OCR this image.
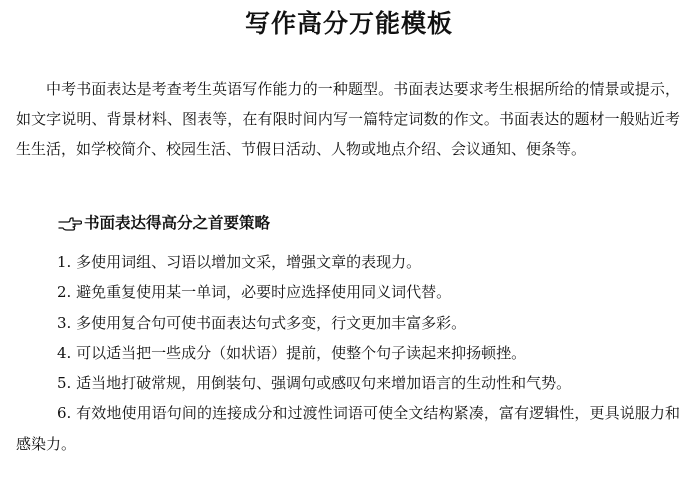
写作高分万能模板

中考书面表达是考查考生英语写作能力的一种题型。书面表达要求考生根据所给的情景或提示，如文字说明、背景材料、图表等，在有限时间内写一篇特定词数的作文。书面表达的题材一般贴近考生生活，如学校简介、校园生活、节假日活动、人物或地点介绍、会议通知、便条等。

书面表达得高分之首要策略
1. 多使用词组、习语以增加文采，增强文章的表现力。
2. 避免重复使用某一单词，必要时应选择使用同义词代替。
3. 多使用复合句可使书面表达句式多变，行文更加丰富多彩。
4. 可以适当把一些成分（如状语）提前，使整个句子读起来抑扬顿挫。
5. 适当地打破常规，用倒装句、强调句或感叹句来增加语言的生动性和气势。
6. 有效地使用语句间的连接成分和过渡性词语可使全文结构紧凑，富有逻辑性，更具说服力和感染力。
